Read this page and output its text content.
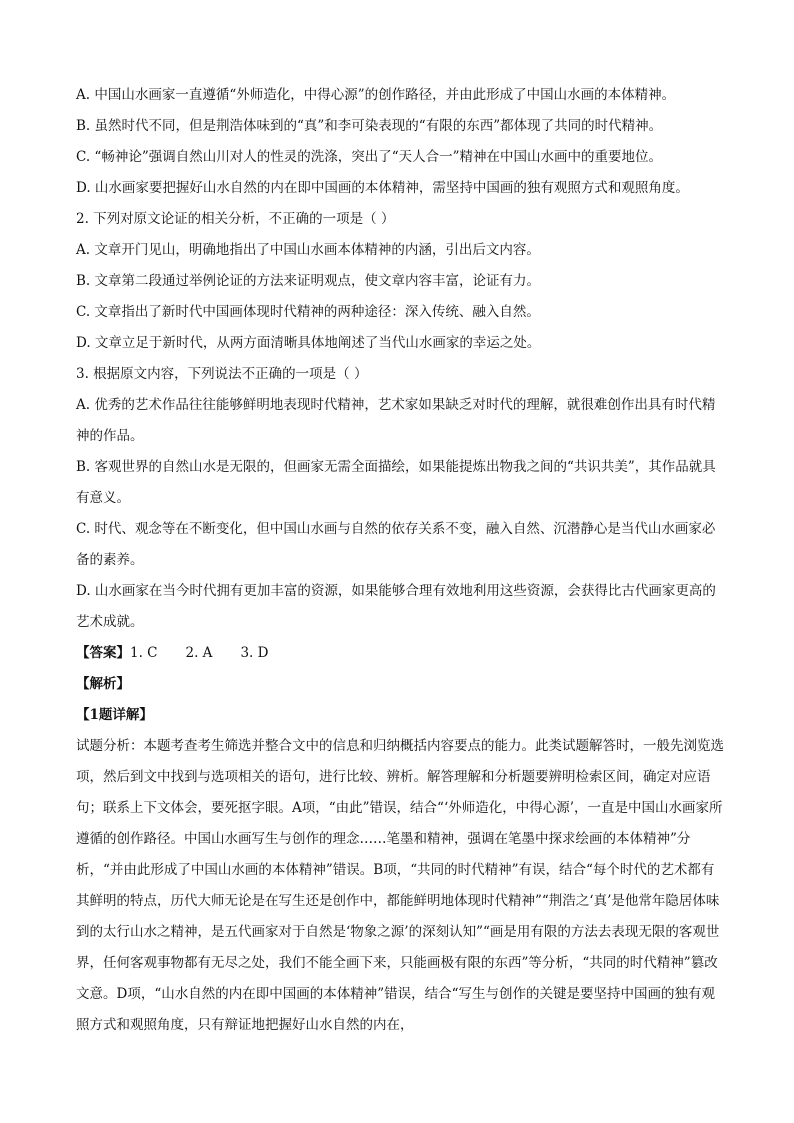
A. 中国山水画家一直遵循“外师造化，中得心源”的创作路径，并由此形成了中国山水画的本体精神。
B. 虽然时代不同，但是荆浩体味到的“真”和李可染表现的“有限的东西”都体现了共同的时代精神。
C. “畅神论”强调自然山川对人的性灵的洗涤，突出了“天人合一”精神在中国山水画中的重要地位。
D. 山水画家要把握好山水自然的内在即中国画的本体精神，需坚持中国画的独有观照方式和观照角度。
2. 下列对原文论证的相关分析，不正确的一项是（ ）
A. 文章开门见山，明确地指出了中国山水画本体精神的内涵，引出后文内容。
B. 文章第二段通过举例论证的方法来证明观点，使文章内容丰富，论证有力。
C. 文章指出了新时代中国画体现时代精神的两种途径：深入传统、融入自然。
D. 文章立足于新时代，从两方面清晰具体地阐述了当代山水画家的幸运之处。
3. 根据原文内容，下列说法不正确的一项是（ ）
A. 优秀的艺术作品往往能够鲜明地表现时代精神，艺术家如果缺乏对时代的理解，就很难创作出具有时代精神的作品。
B. 客观世界的自然山水是无限的，但画家无需全面描绘，如果能提炼出物我之间的“共识共美”，其作品就具有意义。
C. 时代、观念等在不断变化，但中国山水画与自然的依存关系不变，融入自然、沉潜静心是当代山水画家必备的素养。
D. 山水画家在当今时代拥有更加丰富的资源，如果能够合理有效地利用这些资源，会获得比古代画家更高的艺术成就。
【答案】1. C 2. A 3. D
【解析】
【1题详解】
试题分析：本题考查考生筛选并整合文中的信息和归纳概括内容要点的能力。此类试题解答时，一般先浏览选项，然后到文中找到与选项相关的语句，进行比较、辨析。解答理解和分析题要辨明检索区间，确定对应语句；联系上下文体会，要死抠字眼。A项，“由此”错误，结合“‘外师造化，中得心源’，一直是中国山水画家所遵循的创作路径。中国山水画写生与创作的理念……笔墨和精神，强调在笔墨中探求绘画的本体精神”分析，“并由此形成了中国山水画的本体精神”错误。B项，“共同的时代精神”有误，结合“每个时代的艺术都有其鲜明的特点，历代大师无论是在写生还是创作中，都能鲜明地体现时代精神”“荆浩之‘真’是他常年隐居体味到的太行山水之精神，是五代画家对于自然是‘物象之源’的深刻认知”“画是用有限的方法去表现无限的客观世界，任何客观事物都有无尽之处，我们不能全画下来，只能画极有限的东西”等分析，“共同的时代精神”篡改文意。D项，“山水自然的内在即中国画的本体精神”错误，结合“写生与创作的关键是要坚持中国画的独有观照方式和观照角度，只有辩证地把握好山水自然的内在，
